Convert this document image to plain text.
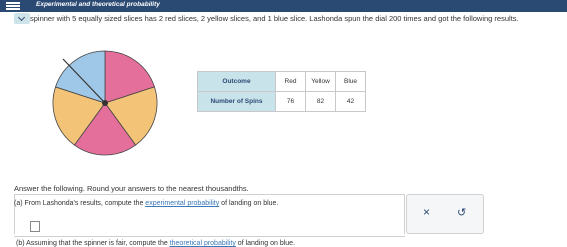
Experimental and theoretical probability
spinner with 5 equally sized slices has 2 red slices, 2 yellow slices, and 1 blue slice. Lashonda spun the dial 200 times and got the following results.
Outcome	Red	Yellow	Blue
Number of Spins	76	82	42
Answer the following. Round your answers to the nearest thousandths.
(a) From Lashonda's results, compute the experimental probability of landing on blue.
× ↺
(b) Assuming that the spinner is fair, compute the theoretical probability of landing on blue.
